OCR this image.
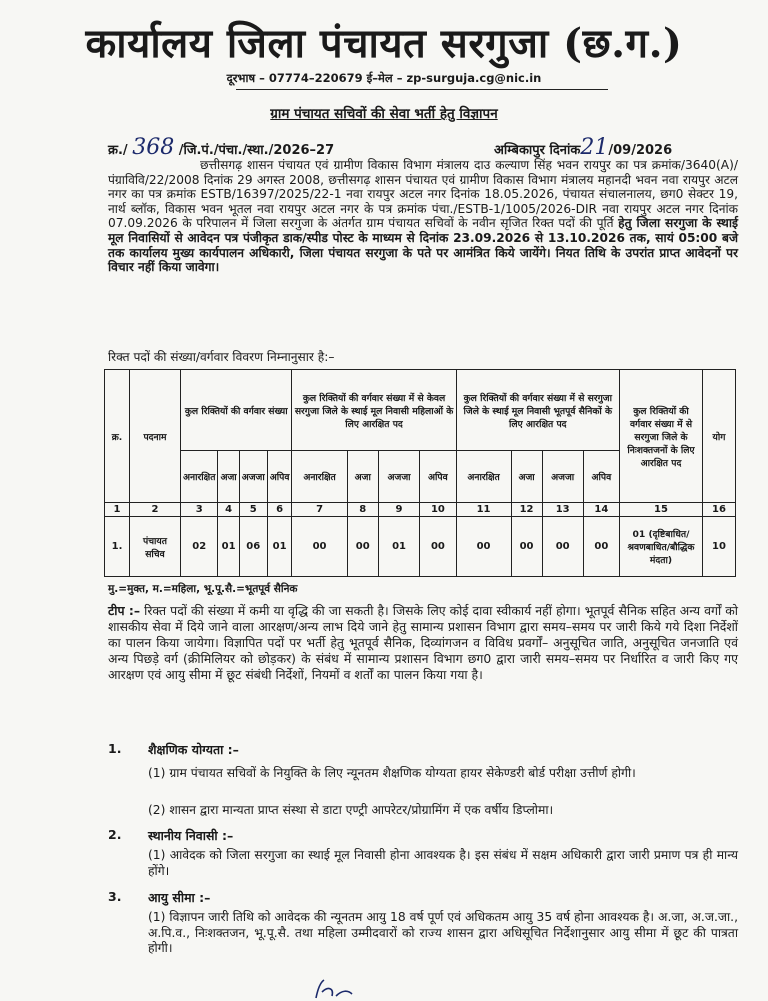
कार्यालय जिला पंचायत सरगुजा (छ.ग.)
दूरभाष – 07774–220679 ई–मेल – zp-surguja.cg@nic.in
ग्राम पंचायत सचिवों की सेवा भर्ती हेतु विज्ञापन
क्र./ 368 /जि.पं./पंचा./स्था./2026–27	अम्बिकापुर दिनांक21/09/2026

छत्तीसगढ़ शासन पंचायत एवं ग्रामीण विकास विभाग मंत्रालय दाउ कल्याण सिंह भवन रायपुर का पत्र क्रमांक/3640(A)/पंग्राविवि/22/2008 दिनांक 29 अगस्त 2008, छत्तीसगढ़ शासन पंचायत एवं ग्रामीण विकास विभाग मंत्रालय महानदी भवन नवा रायपुर अटल नगर का पत्र क्रमांक ESTB/16397/2025/22-1 नवा रायपुर अटल नगर दिनांक 18.05.2026, पंचायत संचालनालय, छग0 सेक्टर 19, नार्थ ब्लॉक, विकास भवन भूतल नवा रायपुर अटल नगर के पत्र क्रमांक पंचा./ESTB-1/1005/2026-DIR नवा रायपुर अटल नगर दिनांक 07.09.2026 के परिपालन में जिला सरगुजा के अंतर्गत ग्राम पंचायत सचिवों के नवीन सृजित रिक्त पदों की पूर्ति हेतु जिला सरगुजा के स्थाई मूल निवासियों से आवेदन पत्र पंजीकृत डाक/स्पीड पोस्ट के माध्यम से दिनांक 23.09.2026 से 13.10.2026 तक, सायं 05:00 बजे तक कार्यालय मुख्य कार्यपालन अधिकारी, जिला पंचायत सरगुजा के पते पर आमंत्रित किये जायेंगे। नियत तिथि के उपरांत प्राप्त आवेदनों पर विचार नहीं किया जावेगा।

रिक्त पदों की संख्या/वर्गवार विवरण निम्नानुसार है:–
क्र.	पदनाम	कुल रिक्तियों की वर्गवार संख्या				कुल रिक्तियों की वर्गवार संख्या में से केवल सरगुजा जिले के स्थाई मूल निवासी महिलाओं के लिए आरक्षित पद				कुल रिक्तियों की वर्गवार संख्या में से सरगुजा जिले के स्थाई मूल निवासी भूतपूर्व सैनिकों के लिए आरक्षित पद				कुल रिक्तियों की वर्गवार संख्या में से सरगुजा जिले के निःशक्तजनों के लिए आरक्षित पद	योग
		अनारक्षित	अजा	अजजा	अपिव	अनारक्षित	अजा	अजजा	अपिव	अनारक्षित	अजा	अजजा	अपिव		
1	2	3	4	5	6	7	8	9	10	11	12	13	14	15	16
1.	पंचायत सचिव	02	01	06	01	00	00	01	00	00	00	00	00	01 (दृष्टिबाधित/श्रवणबाधित/बौद्धिक मंदता)	10
मु.=मुक्त, म.=महिला, भू.पू.सै.=भूतपूर्व सैनिक

टीप :– रिक्त पदों की संख्या में कमी या वृद्धि की जा सकती है। जिसके लिए कोई दावा स्वीकार्य नहीं होगा। भूतपूर्व सैनिक सहित अन्य वर्गों को शासकीय सेवा में दिये जाने वाला आरक्षण/अन्य लाभ दिये जाने हेतु सामान्य प्रशासन विभाग द्वारा समय–समय पर जारी किये गये दिशा निर्देशों का पालन किया जायेगा। विज्ञापित पदों पर भर्ती हेतु भूतपूर्व सैनिक, दिव्यांगजन व विविध प्रवर्गों– अनुसूचित जाति, अनुसूचित जनजाति एवं अन्य पिछड़े वर्ग (क्रीमिलियर को छोड़कर) के संबंध में सामान्य प्रशासन विभाग छग0 द्वारा जारी समय–समय पर निर्धारित व जारी किए गए आरक्षण एवं आयु सीमा में छूट संबंधी निर्देशों, नियमों व शर्तों का पालन किया गया है।

1. शैक्षणिक योग्यता :–

(1) ग्राम पंचायत सचिवों के नियुक्ति के लिए न्यूनतम शैक्षणिक योग्यता हायर सेकेण्डरी बोर्ड परीक्षा उत्तीर्ण होगी।

(2) शासन द्वारा मान्यता प्राप्त संस्था से डाटा एण्ट्री आपरेटर/प्रोग्रामिंग में एक वर्षीय डिप्लोमा।

2. स्थानीय निवासी :–

(1) आवेदक को जिला सरगुजा का स्थाई मूल निवासी होना आवश्यक है। इस संबंध में सक्षम अधिकारी द्वारा जारी प्रमाण पत्र ही मान्य होंगे।

3. आयु सीमा :–

(1) विज्ञापन जारी तिथि को आवेदक की न्यूनतम आयु 18 वर्ष पूर्ण एवं अधिकतम आयु 35 वर्ष होना आवश्यक है। अ.जा, अ.ज.जा., अ.पि.व., निःशक्तजन, भू.पू.सै. तथा महिला उम्मीदवारों को राज्य शासन द्वारा अधिसूचित निर्देशानुसार आयु सीमा में छूट की पात्रता होगी।
